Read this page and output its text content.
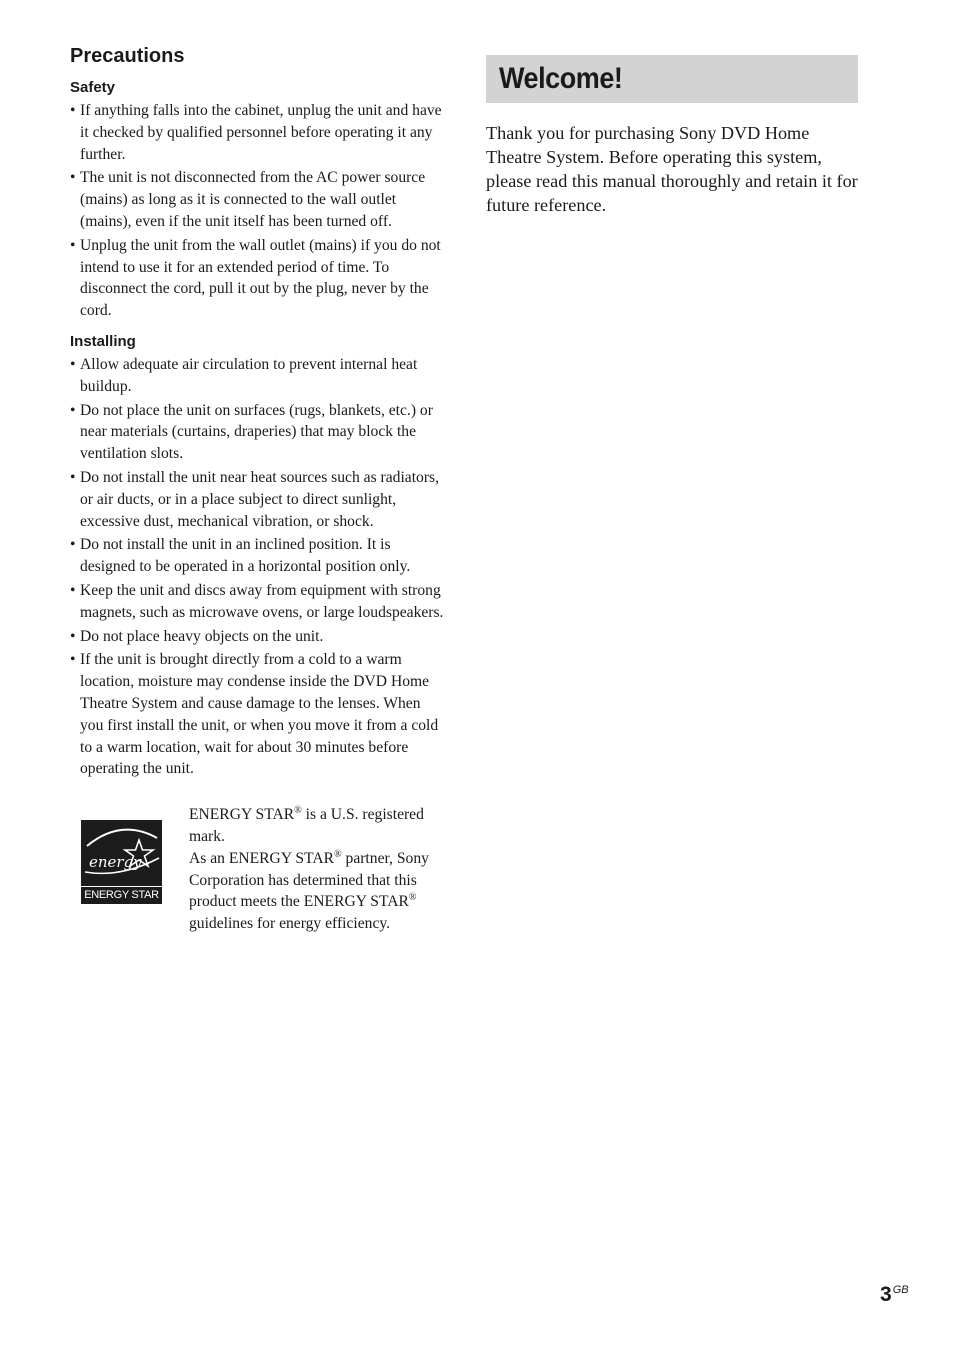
Precautions
Safety
• If anything falls into the cabinet, unplug the unit and have it checked by qualified personnel before operating it any further.
• The unit is not disconnected from the AC power source (mains) as long as it is connected to the wall outlet (mains), even if the unit itself has been turned off.
• Unplug the unit from the wall outlet (mains) if you do not intend to use it for an extended period of time. To disconnect the cord, pull it out by the plug, never by the cord.
Installing
• Allow adequate air circulation to prevent internal heat buildup.
• Do not place the unit on surfaces (rugs, blankets, etc.) or near materials (curtains, draperies) that may block the ventilation slots.
• Do not install the unit near heat sources such as radiators, or air ducts, or in a place subject to direct sunlight, excessive dust, mechanical vibration, or shock.
• Do not install the unit in an inclined position. It is designed to be operated in a horizontal position only.
• Keep the unit and discs away from equipment with strong magnets, such as microwave ovens, or large loudspeakers.
• Do not place heavy objects on the unit.
• If the unit is brought directly from a cold to a warm location, moisture may condense inside the DVD Home Theatre System and cause damage to the lenses. When you first install the unit, or when you move it from a cold to a warm location, wait for about 30 minutes before operating the unit.
energy
ENERGY STAR

ENERGY STAR® is a U.S. registered mark.

As an ENERGY STAR® partner, Sony Corporation has determined that this product meets the ENERGY STAR® guidelines for energy efficiency.

Welcome!

Thank you for purchasing Sony DVD Home Theatre System. Before operating this system, please read this manual thoroughly and retain it for future reference.

$3^{GB}$
